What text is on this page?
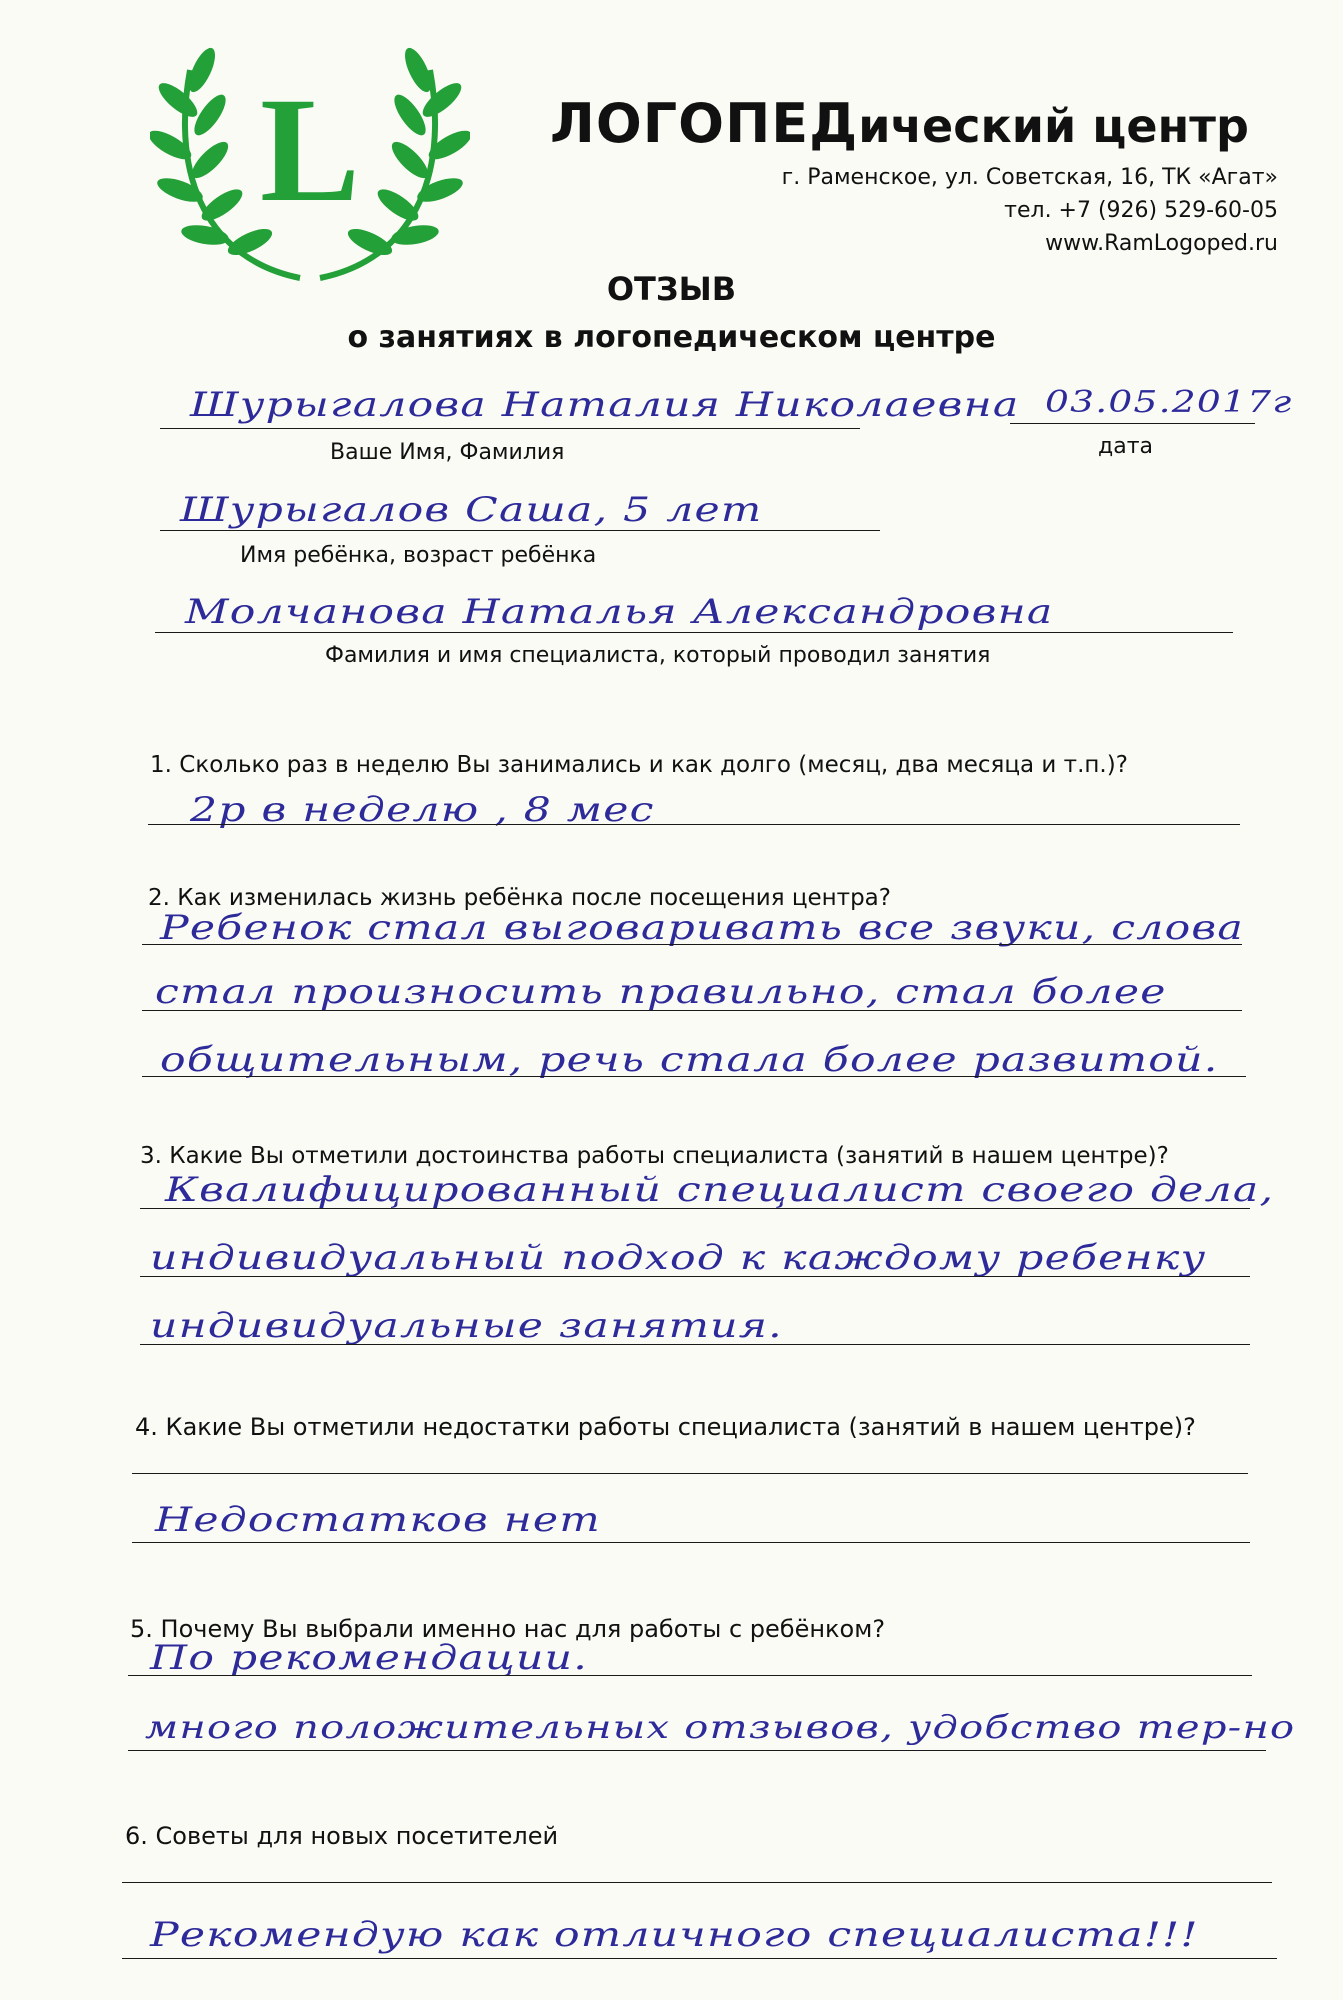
L	ЛОГОПЕДический центр
г. Раменское, ул. Советская, 16, ТК «Агат»
тел. +7 (926) 529-60-05
www.RamLogoped.ru
ОТЗЫВ
о занятиях в логопедическом центре
Шурыгалова Наталия Николаевна
Ваше Имя, Фамилия
03.05.2017г
дата
Шурыгалов Саша, 5 лет
Имя ребёнка, возраст ребёнка
Молчанова Наталья Александровна
Фамилия и имя специалиста, который проводил занятия
1. Сколько раз в неделю Вы занимались и как долго (месяц, два месяца и т.п.)?
2р в неделю , 8 мес
2. Как изменилась жизнь ребёнка после посещения центра?
Ребенок стал выговаривать все звуки, слова
стал произносить правильно, стал более
общительным, речь стала более развитой.
3. Какие Вы отметили достоинства работы специалиста (занятий в нашем центре)?
Квалифицированный специалист своего дела,
индивидуальный подход к каждому ребенку
индивидуальные занятия.
4. Какие Вы отметили недостатки работы специалиста (занятий в нашем центре)?
Недостатков нет
5. Почему Вы выбрали именно нас для работы с ребёнком?
По рекомендации.
много положительных отзывов, удобство тер-но
6. Советы для новых посетителей
Рекомендую как отличного специалиста!!!
